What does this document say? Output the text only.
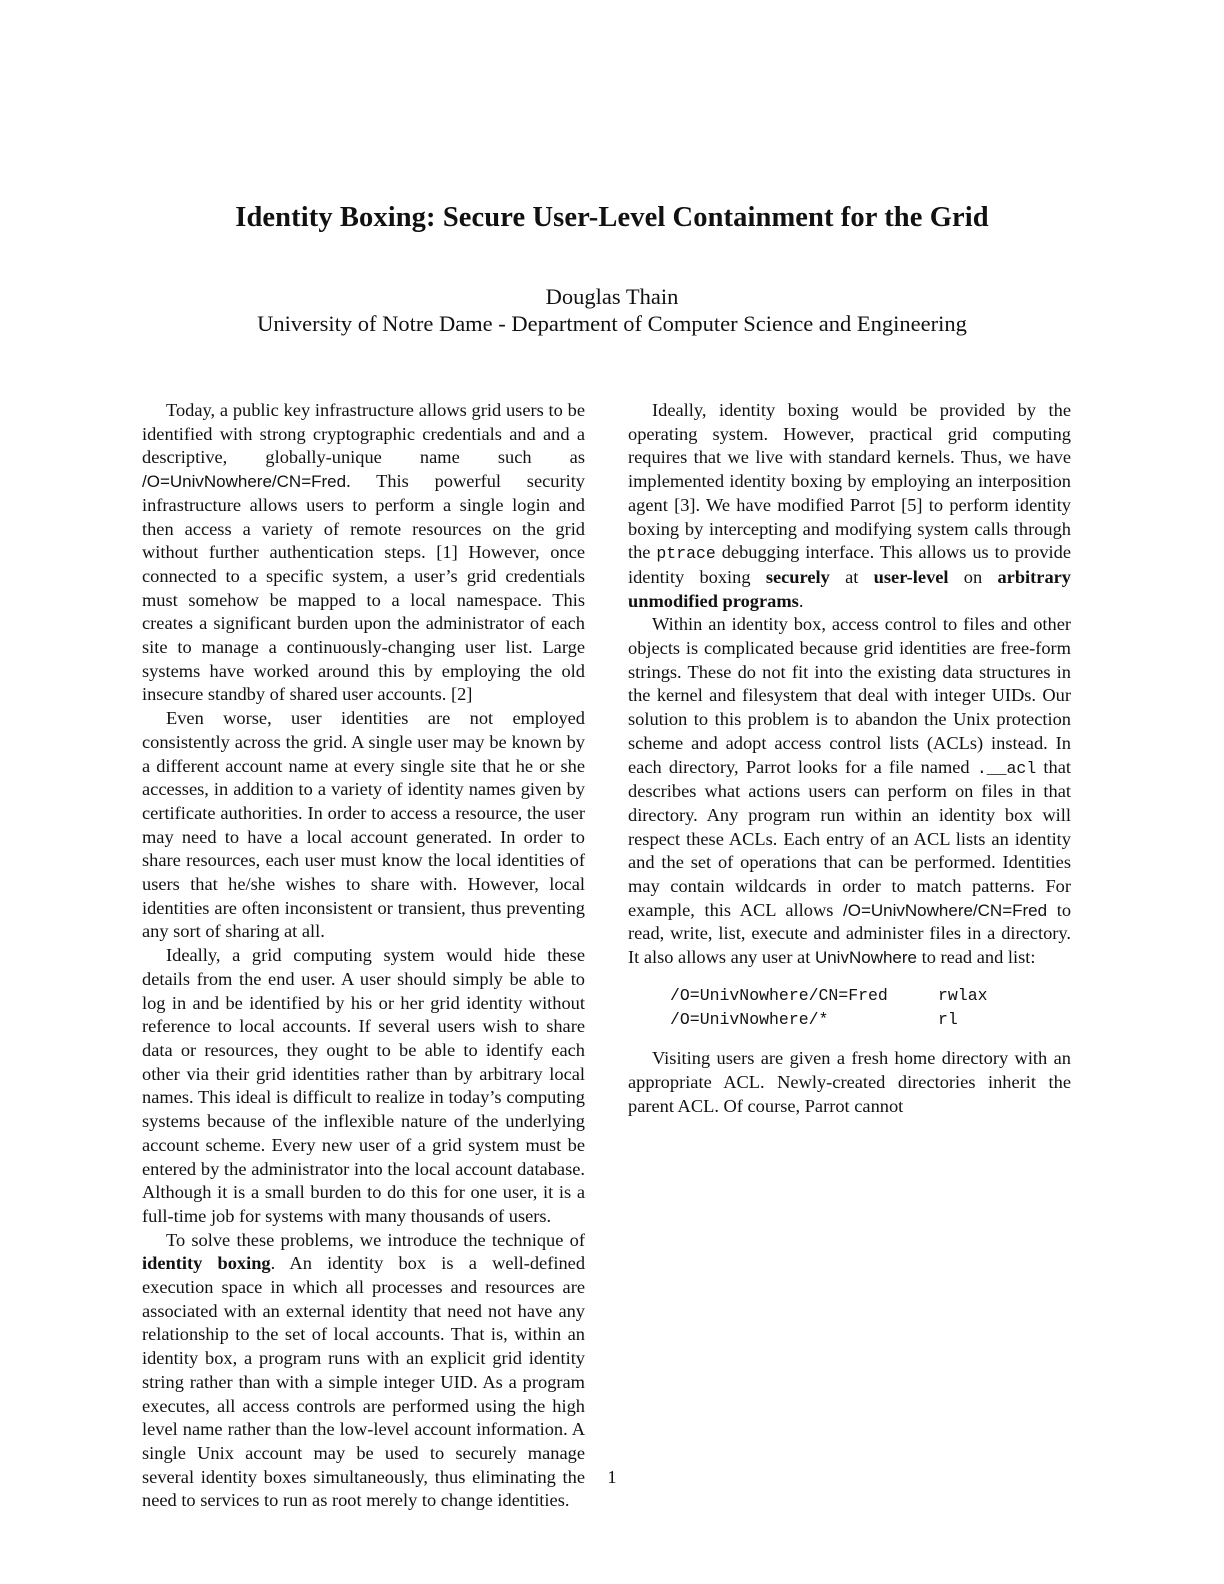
Identity Boxing: Secure User-Level Containment for the Grid
Douglas Thain
University of Notre Dame - Department of Computer Science and Engineering

Today, a public key infrastructure allows grid users to be identified with strong cryptographic credentials and and a descriptive, globally-unique name such as /O=UnivNowhere/CN=Fred. This powerful security infrastructure allows users to perform a single login and then access a variety of remote resources on the grid without further authentication steps. [1] However, once connected to a specific system, a user’s grid credentials must somehow be mapped to a local namespace. This creates a significant burden upon the administrator of each site to manage a continuously-changing user list. Large systems have worked around this by employing the old insecure standby of shared user accounts. [2]

Even worse, user identities are not employed consistently across the grid. A single user may be known by a different account name at every single site that he or she accesses, in addition to a variety of identity names given by certificate authorities. In order to access a resource, the user may need to have a local account generated. In order to share resources, each user must know the local identities of users that he/she wishes to share with. However, local identities are often inconsistent or transient, thus preventing any sort of sharing at all.

Ideally, a grid computing system would hide these details from the end user. A user should simply be able to log in and be identified by his or her grid identity without reference to local accounts. If several users wish to share data or resources, they ought to be able to identify each other via their grid identities rather than by arbitrary local names. This ideal is difficult to realize in today’s computing systems because of the inflexible nature of the underlying account scheme. Every new user of a grid system must be entered by the administrator into the local account database. Although it is a small burden to do this for one user, it is a full-time job for systems with many thousands of users.

To solve these problems, we introduce the technique of identity boxing. An identity box is a well-defined execution space in which all processes and resources are associated with an external identity that need not have any relationship to the set of local accounts. That is, within an identity box, a program runs with an explicit grid identity string rather than with a simple integer UID. As a program executes, all access controls are performed using the high level name rather than the low-level account information. A single Unix account may be used to securely manage several identity boxes simultaneously, thus eliminating the need to services to run as root merely to change identities.

Ideally, identity boxing would be provided by the operating system. However, practical grid computing requires that we live with standard kernels. Thus, we have implemented identity boxing by employing an interposition agent [3]. We have modified Parrot [5] to perform identity boxing by intercepting and modifying system calls through the ptrace debugging interface. This allows us to provide identity boxing securely at user-level on arbitrary unmodified programs.

Within an identity box, access control to files and other objects is complicated because grid identities are free-form strings. These do not fit into the existing data structures in the kernel and filesystem that deal with integer UIDs. Our solution to this problem is to abandon the Unix protection scheme and adopt access control lists (ACLs) instead. In each directory, Parrot looks for a file named .__acl that describes what actions users can perform on files in that directory. Any program run within an identity box will respect these ACLs. Each entry of an ACL lists an identity and the set of operations that can be performed. Identities may contain wildcards in order to match patterns. For example, this ACL allows /O=UnivNowhere/CN=Fred to read, write, list, execute and administer files in a directory. It also allows any user at UnivNowhere to read and list:

/O=UnivNowhere/CN=Fred	rwlax
/O=UnivNowhere/*	rl

Visiting users are given a fresh home directory with an appropriate ACL. Newly-created directories inherit the parent ACL. Of course, Parrot cannot

1
